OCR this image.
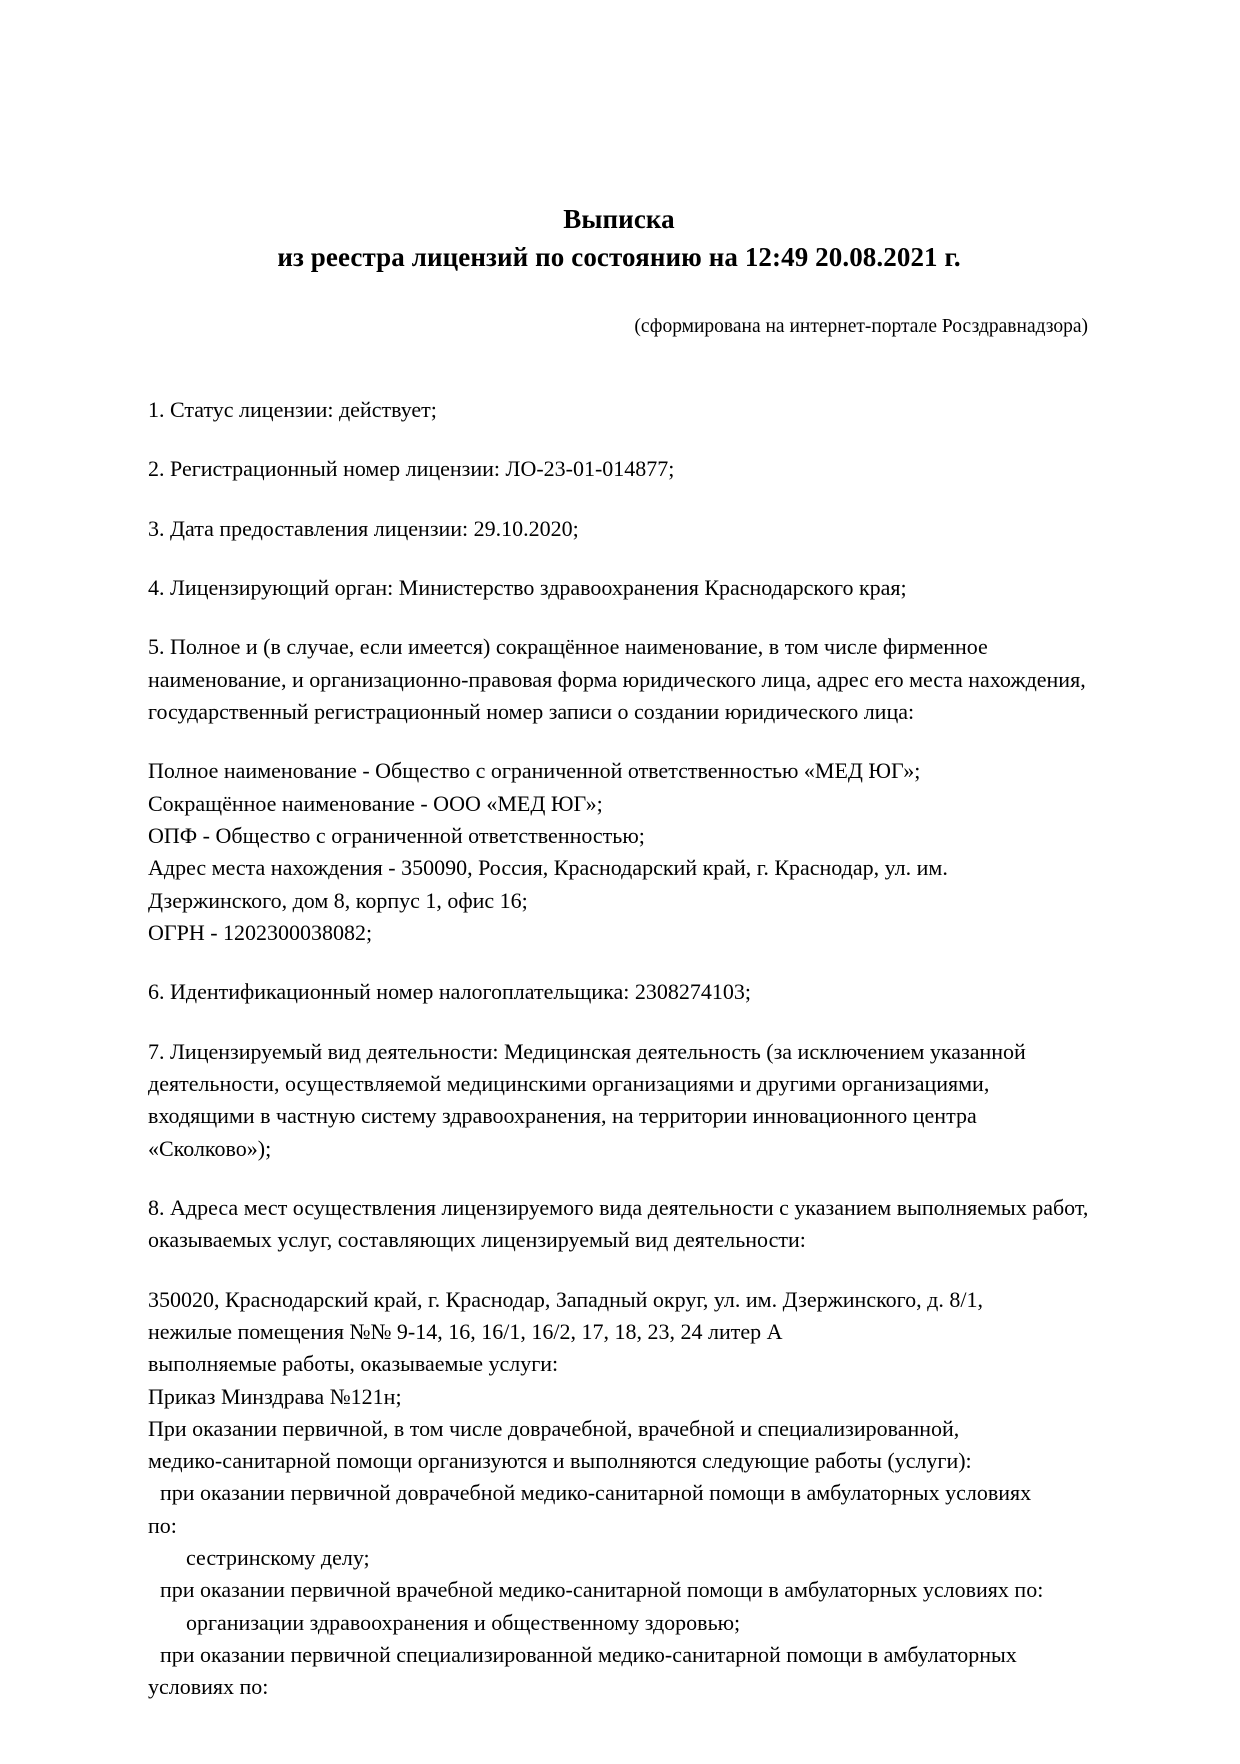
Выписка
из реестра лицензий по состоянию на 12:49 20.08.2021 г.
(сформирована на интернет-портале Росздравнадзора)

1. Статус лицензии: действует;

2. Регистрационный номер лицензии: ЛО-23-01-014877;

3. Дата предоставления лицензии: 29.10.2020;

4. Лицензирующий орган: Министерство здравоохранения Краснодарского края;

5. Полное и (в случае, если имеется) сокращённое наименование, в том числе фирменное наименование, и организационно-правовая форма юридического лица, адрес его места нахождения, государственный регистрационный номер записи о создании юридического лица:

Полное наименование - Общество с ограниченной ответственностью «МЕД ЮГ»;
Сокращённое наименование - ООО «МЕД ЮГ»;
ОПФ - Общество с ограниченной ответственностью;
Адрес места нахождения - 350090, Россия, Краснодарский край, г. Краснодар, ул. им.
Дзержинского, дом 8, корпус 1, офис 16;
ОГРН - 1202300038082;

6. Идентификационный номер налогоплательщика: 2308274103;

7. Лицензируемый вид деятельности: Медицинская деятельность (за исключением указанной деятельности, осуществляемой медицинскими организациями и другими организациями, входящими в частную систему здравоохранения, на территории инновационного центра «Сколково»);

8. Адреса мест осуществления лицензируемого вида деятельности с указанием выполняемых работ, оказываемых услуг, составляющих лицензируемый вид деятельности:

350020, Краснодарский край, г. Краснодар, Западный округ, ул. им. Дзержинского, д. 8/1,
нежилые помещения №№ 9-14, 16, 16/1, 16/2, 17, 18, 23, 24 литер А
выполняемые работы, оказываемые услуги:
Приказ Минздрава №121н;
При оказании первичной, в том числе доврачебной, врачебной и специализированной,
медико-санитарной помощи организуются и выполняются следующие работы (услуги):
при оказании первичной доврачебной медико-санитарной помощи в амбулаторных условиях
по:
сестринскому делу;
при оказании первичной врачебной медико-санитарной помощи в амбулаторных условиях по:
организации здравоохранения и общественному здоровью;
при оказании первичной специализированной медико-санитарной помощи в амбулаторных
условиях по:
